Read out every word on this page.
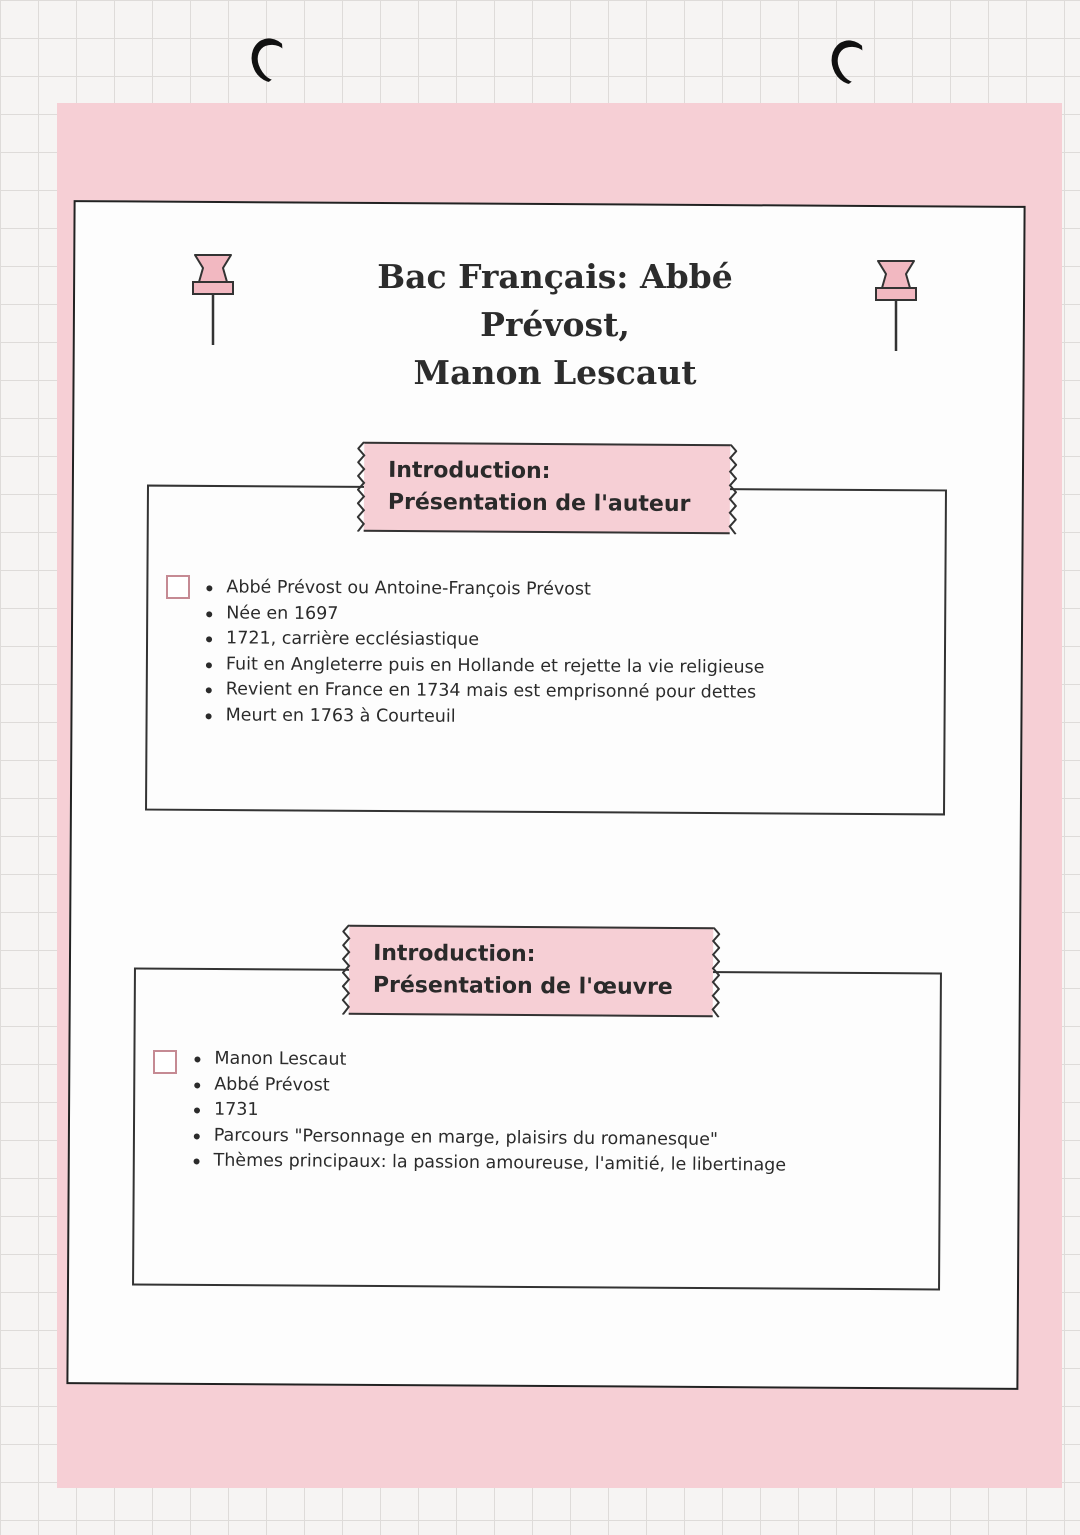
Bac Français: Abbé Prévost,
Manon Lescaut
Introduction:
Présentation de l'auteur
Abbé Prévost ou Antoine-François Prévost
Née en 1697
1721, carrière ecclésiastique
Fuit en Angleterre puis en Hollande et rejette la vie religieuse
Revient en France en 1734 mais est emprisonné pour dettes
Meurt en 1763 à Courteuil
Introduction:
Présentation de l'œuvre
Manon Lescaut
Abbé Prévost
1731
Parcours "Personnage en marge, plaisirs du romanesque"
Thèmes principaux: la passion amoureuse, l'amitié, le libertinage
